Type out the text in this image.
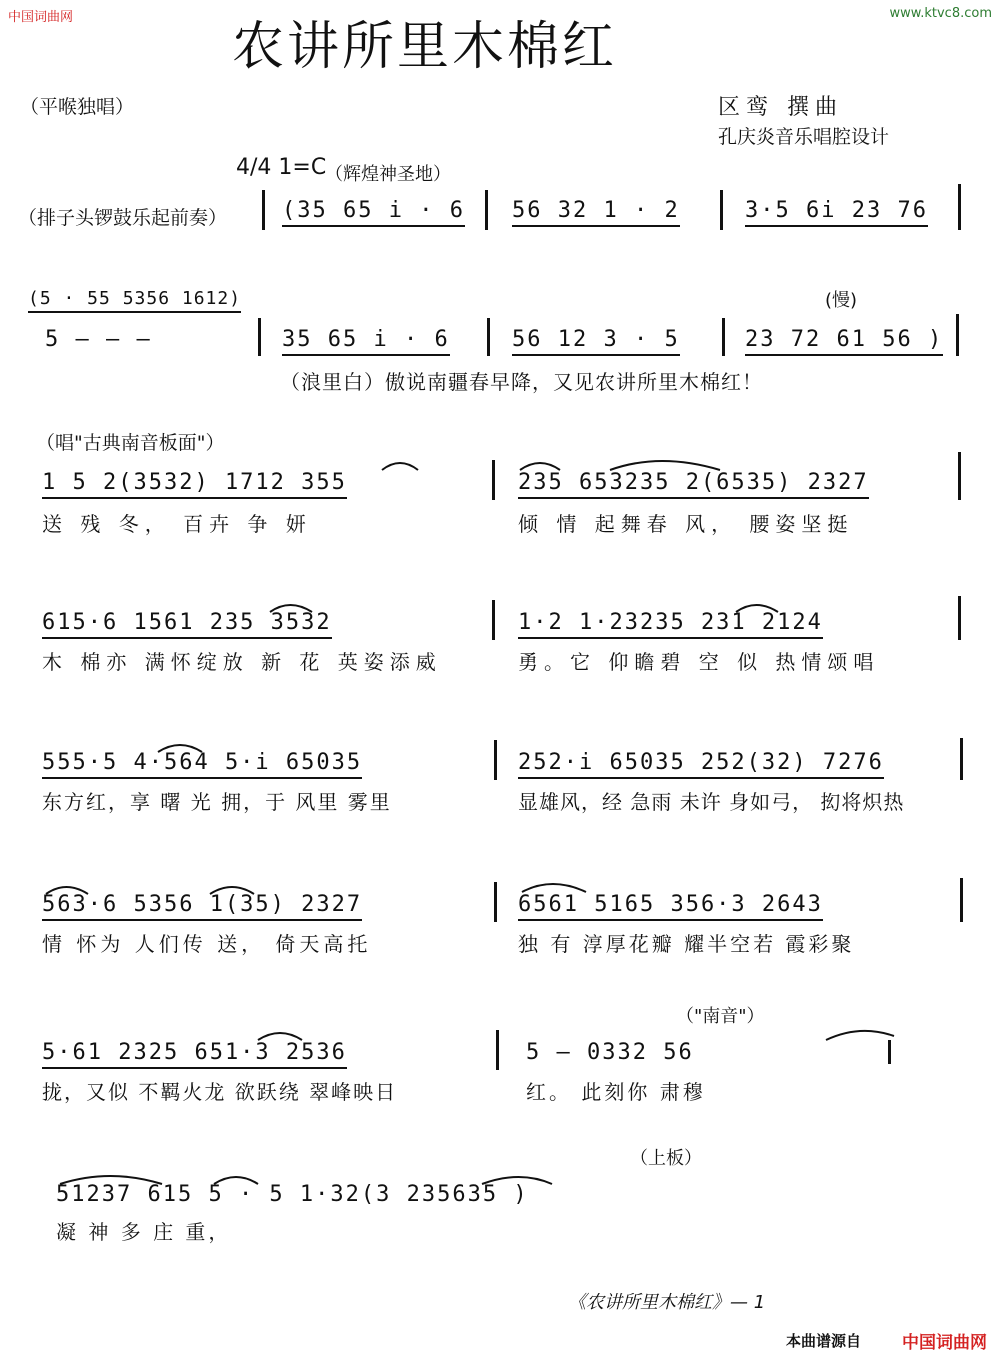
中国词曲网	www.ktvc8.com
农讲所里木棉红
（平喉独唱）	区鸾 撰曲
孔庆炎音乐唱腔设计
4/4 1=C
（辉煌神圣地）
（排子头锣鼓乐起前奏） (35 65 i · 6 56 32 1 · 2	3·5 6i 23 76
(5 · 55 5356 1612)	(慢)
5 — — —	35 65 i · 6	56 12 3 · 5	23 72 61 56 )
（浪里白）傲说南疆春早降，又见农讲所里木棉红！
（唱"古典南音板面"）
1 5 2(3532) 1712 355	235 653235 2(6535) 2327
送 残 冬， 百卉 争 妍	倾 情 起舞春 风， 腰姿坚挺
615·6 1561 235 3532	1·2 1·23235 231 2124
木 棉亦 满怀绽放 新 花 英姿添威	勇。它 仰瞻碧 空 似 热情颂唱
555·5 4·564 5·i 65035	252·i 65035 252(32) 7276
东方红，享 曙 光 拥，于 风里 雾里	显雄风，经 急雨 未许 身如弓， 抝将炽热
563·6 5356 1(35) 2327	6561 5165 356·3 2643
情 怀为 人们传 送， 倚天高托	独 有 淳厚花瓣 耀半空若 霞彩聚
（"南音"）
5·61 2325 651·3 2536	5 — 0332 56
拢，又似 不羁火龙 欲跃绕 翠峰映日	红。 此刻你 肃穆
（上板）
51237 615 5 · 5 1·32(3 235635 )
凝 神 多 庄 重，
《农讲所里木棉红》— 1
本曲谱源自 中国词曲网
